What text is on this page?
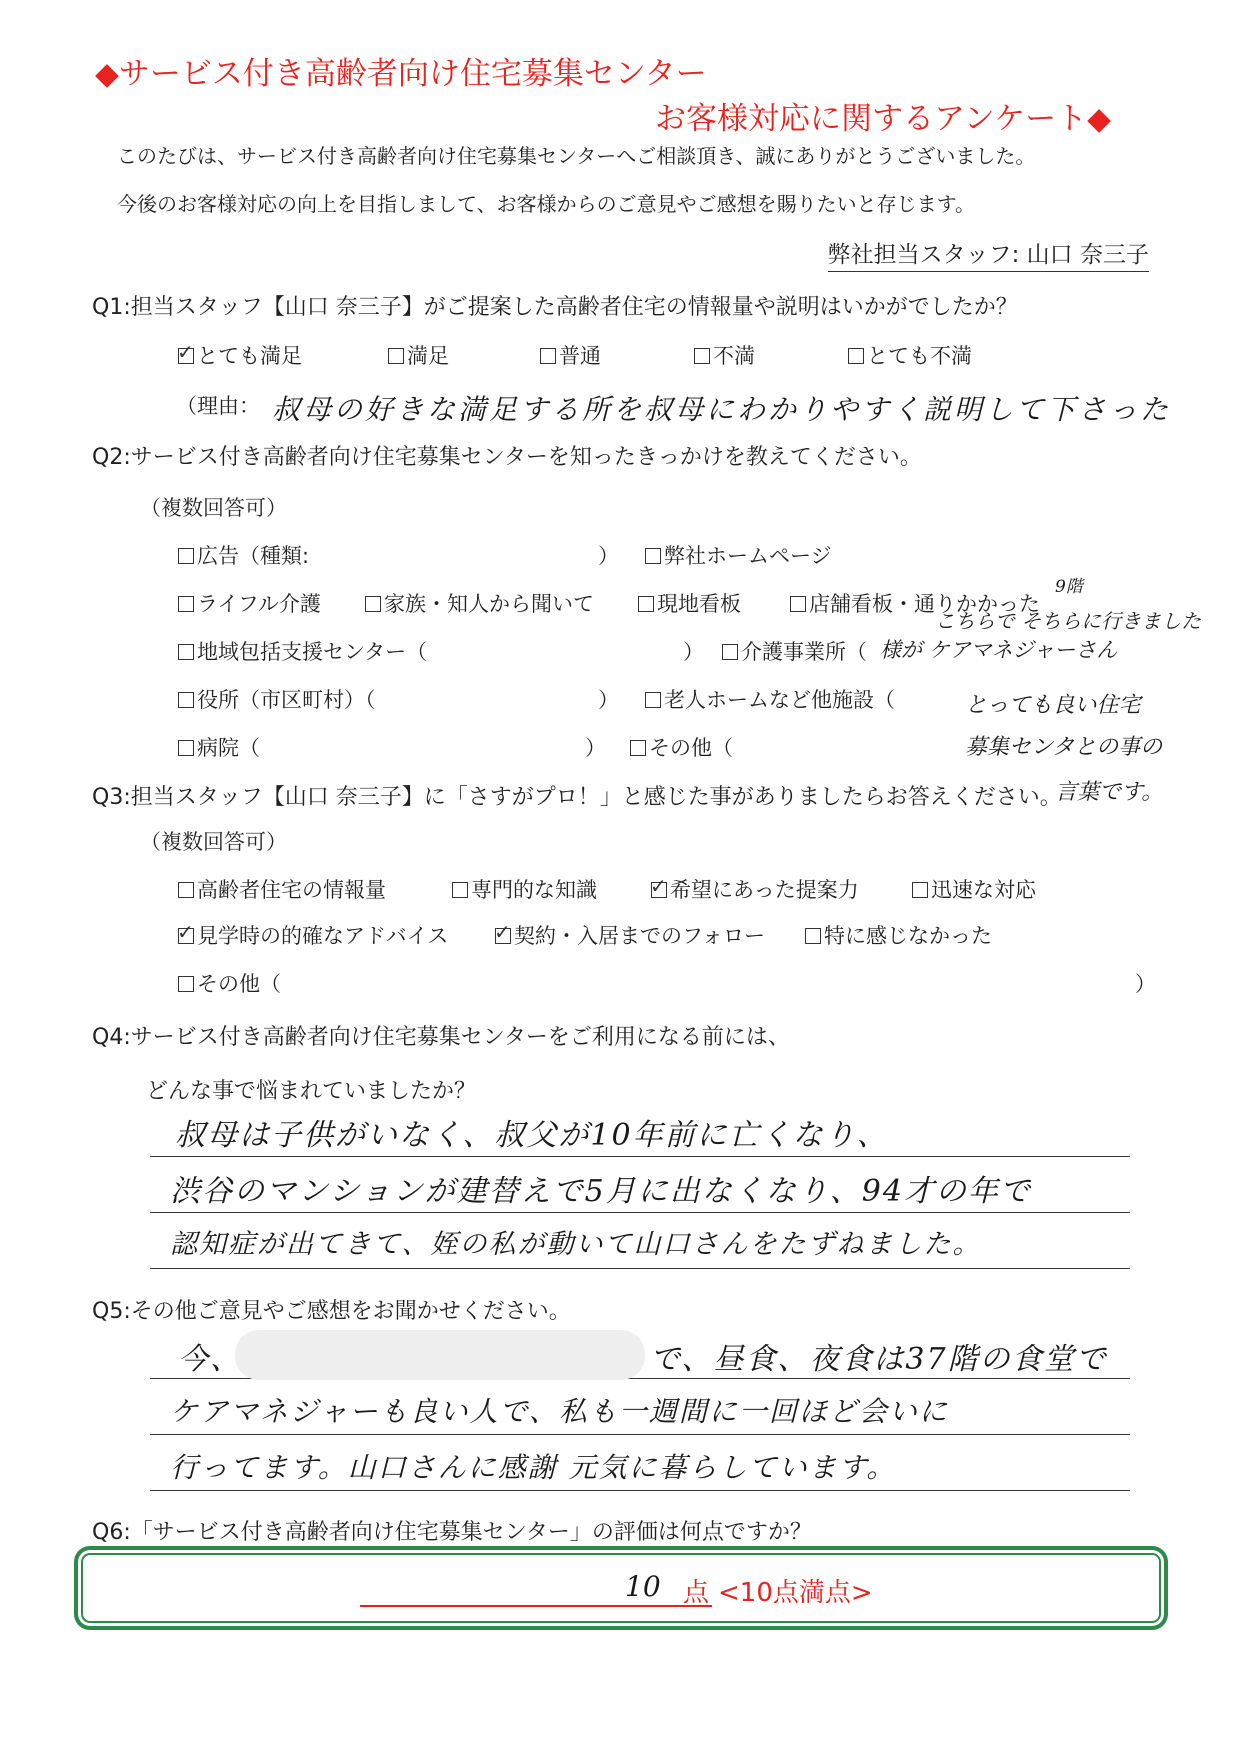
◆サービス付き高齢者向け住宅募集センター
お客様対応に関するアンケート◆
このたびは、サービス付き高齢者向け住宅募集センターへご相談頂き、誠にありがとうございました。
今後のお客様対応の向上を目指しまして、お客様からのご意見やご感想を賜りたいと存じます。
弊社担当スタッフ: 山口 奈三子
Q1:担当スタッフ【山口 奈三子】がご提案した高齢者住宅の情報量や説明はいかがでしたか？
✓ とても満足	満足	普通	不満	とても不満
（理由： 叔母の好きな満足する所を叔母にわかりやすく説明して下さった
Q2:サービス付き高齢者向け住宅募集センターを知ったきっかけを教えてください。
（複数回答可）
広告（種類:	）	弊社ホームページ
ライフル介護	家族・知人から聞いて	現地看板	店舗看板・通りかかった
9階
地域包括支援センター（	）	介護事業所（
こちらで そちらに行きました
様が ケアマネジャーさん
役所（市区町村）（	）	老人ホームなど他施設（	とっても良い住宅
病院（	）	その他（	募集センタとの事の
言葉です。
Q3:担当スタッフ【山口 奈三子】に「さすがプロ！」と感じた事がありましたらお答えください。
（複数回答可）
高齢者住宅の情報量	専門的な知識	✓ 希望にあった提案力	迅速な対応
✓ 見学時の的確なアドバイス ✓ 契約・入居までのフォロー	特に感じなかった
その他（	）
Q4:サービス付き高齢者向け住宅募集センターをご利用になる前には、
どんな事で悩まれていましたか？
叔母は子供がいなく、叔父が10年前に亡くなり、
渋谷のマンションが建替えで5月に出なくなり、94才の年で
認知症が出てきて、姪の私が動いて山口さんをたずねました。
Q5:その他ご意見やご感想をお聞かせください。
今、	で、昼食、夜食は37階の食堂で
ケアマネジャーも良い人で、私も一週間に一回ほど会いに
行ってます。山口さんに感謝 元気に暮らしています。
Q6:「サービス付き高齢者向け住宅募集センター」の評価は何点ですか？
10 点 <10点満点>
